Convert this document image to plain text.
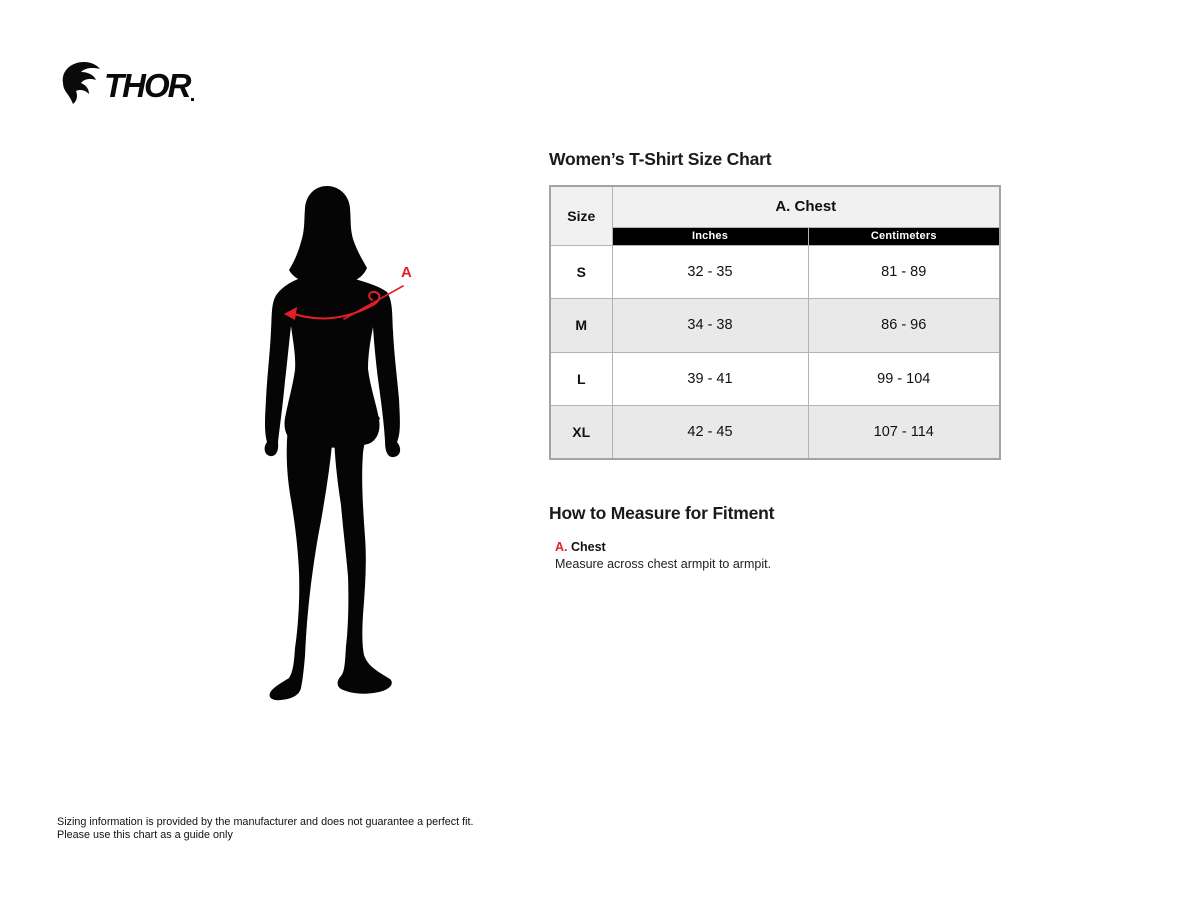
THOR
A
Women’s T-Shirt Size Chart
Size	A. Chest	
	Inches	Centimeters
S	32 - 35	81 - 89
M	34 - 38	86 - 96
L	39 - 41	99 - 104
XL	42 - 45	107 - 114
How to Measure for Fitment
A. Chest
Measure across chest armpit to armpit.
Sizing information is provided by the manufacturer and does not guarantee a perfect fit.
Please use this chart as a guide only
